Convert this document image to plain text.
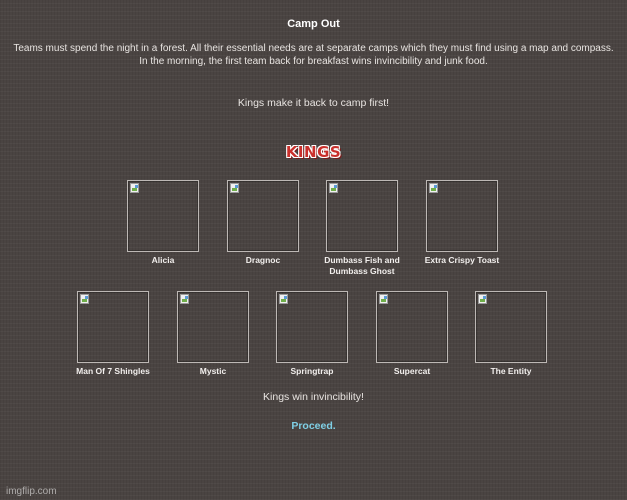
Camp Out
Teams must spend the night in a forest. All their essential needs are at separate camps which they must find using a map and compass. In the morning, the first team back for breakfast wins invincibility and junk food.
Kings make it back to camp first!
KINGS
Alicia	Dragnoc	Dumbass Fish and Dumbass Ghost
Extra Crispy Toast
Man Of 7 Shingles	Mystic	Springtrap	Supercat	The Entity
Kings win invincibility!
Proceed.
imgflip.com
